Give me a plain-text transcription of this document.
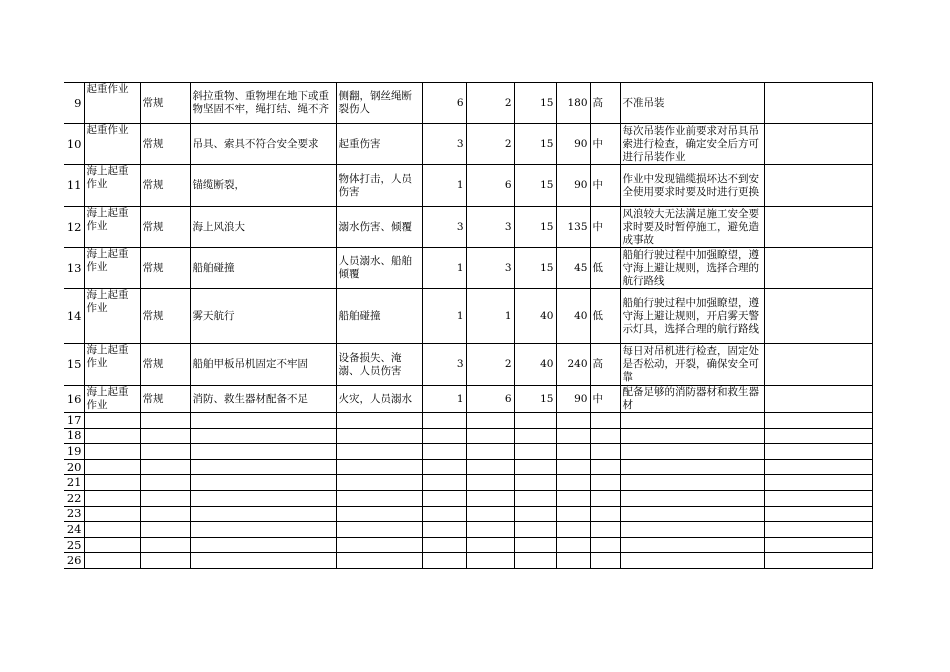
9	起重作业	常规	斜拉重物、重物埋在地下或重物坚固不牢，绳打结、绳不齐	侧翻，钢丝绳断裂伤人	6	2	15	180	高	不准吊装	
10	起重作业	常规	吊具、索具不符合安全要求	起重伤害	3	2	15	90	中	每次吊装作业前要求对吊具吊索进行检查，确定安全后方可进行吊装作业	
11	海上起重作业	常规	锚缆断裂，	物体打击，人员伤害	1	6	15	90	中	作业中发现锚缆损坏达不到安全使用要求时要及时进行更换	
12	海上起重作业	常规	海上风浪大	溺水伤害、倾覆	3	3	15	135	中	风浪较大无法满足施工安全要求时要及时暂停施工，避免造成事故	
13	海上起重作业	常规	船舶碰撞	人员溺水、船舶倾覆	1	3	15	45	低	船舶行驶过程中加强瞭望，遵守海上避让规则，选择合理的航行路线	
14	海上起重作业	常规	雾天航行	船舶碰撞	1	1	40	40	低	船舶行驶过程中加强瞭望，遵守海上避让规则，开启雾天警示灯具，选择合理的航行路线	
15	海上起重作业	常规	船舶甲板吊机固定不牢固	设备损失、淹溺、人员伤害	3	2	40	240	高	每日对吊机进行检查，固定处是否松动，开裂，确保安全可靠	
16	海上起重作业	常规	消防、救生器材配备不足	火灾，人员溺水	1	6	15	90	中	配备足够的消防器材和救生器材	
17											
18											
19											
20											
21											
22											
23											
24											
25											
26											
